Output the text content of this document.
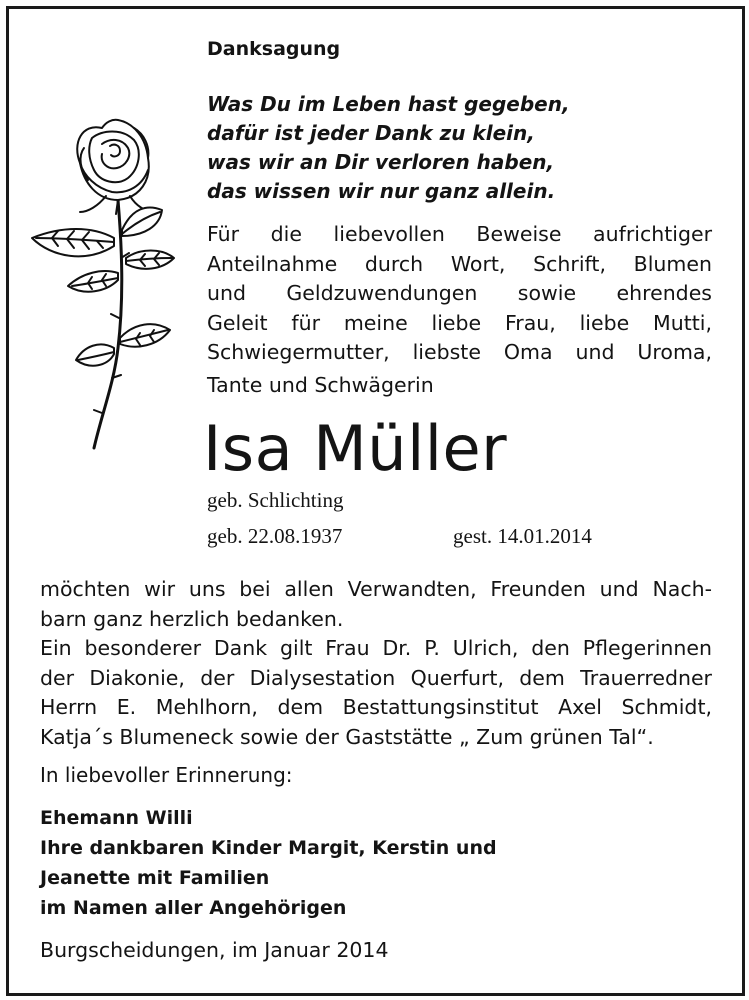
Danksagung
Was Du im Leben hast gegeben,
dafür ist jeder Dank zu klein,
was wir an Dir verloren haben,
das wissen wir nur ganz allein.
Für die liebevollen Beweise aufrichtiger
Anteilnahme durch Wort, Schrift, Blumen
und Geldzuwendungen sowie ehrendes
Geleit für meine liebe Frau, liebe Mutti,
Schwiegermutter, liebste Oma und Uroma,
Tante und Schwägerin
Isa Müller
geb. Schlichting
geb. 22.08.1937	gest. 14.01.2014
möchten wir uns bei allen Verwandten, Freunden und Nach-
barn ganz herzlich bedanken.
Ein besonderer Dank gilt Frau Dr. P. Ulrich, den Pflegerinnen
der Diakonie, der Dialysestation Querfurt, dem Trauerredner
Herrn E. Mehlhorn, dem Bestattungsinstitut Axel Schmidt,
Katja´s Blumeneck sowie der Gaststätte „ Zum grünen Tal“.
In liebevoller Erinnerung:
Ehemann Willi
Ihre dankbaren Kinder Margit, Kerstin und
Jeanette mit Familien
im Namen aller Angehörigen
Burgscheidungen, im Januar 2014
